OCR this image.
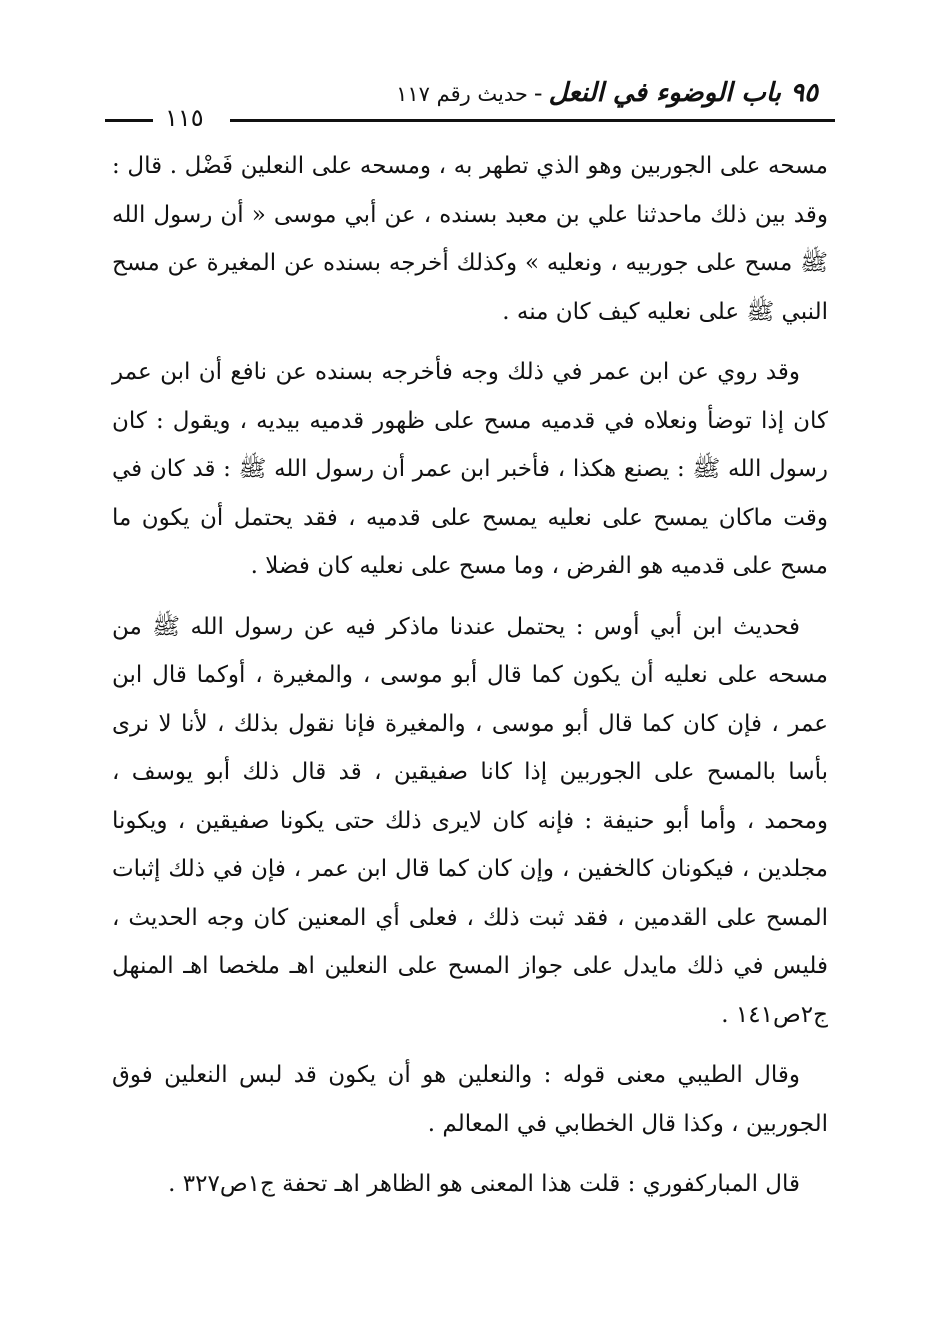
٩٥ باب الوضوء في النعل-حديث رقم ١١٧
١١٥

مسحه على الجوربين وهو الذي تطهر به ، ومسحه على النعلين فَضْل . قال : وقد بين ذلك ماحدثنا علي بن معبد بسنده ، عن أبي موسى « أن رسول الله ﷺ مسح على جوربيه ، ونعليه » وكذلك أخرجه بسنده عن المغيرة عن مسح النبي ﷺ على نعليه كيف كان منه .

وقد روي عن ابن عمر في ذلك وجه فأخرجه بسنده عن نافع أن ابن عمر كان إذا توضأ ونعلاه في قدميه مسح على ظهور قدميه بيديه ، ويقول : كان رسول الله ﷺ : يصنع هكذا ، فأخبر ابن عمر أن رسول الله ﷺ : قد كان في وقت ماكان يمسح على نعليه يمسح على قدميه ، فقد يحتمل أن يكون ما مسح على قدميه هو الفرض ، وما مسح على نعليه كان فضلا .

فحديث ابن أبي أوس : يحتمل عندنا ماذكر فيه عن رسول الله ﷺ من مسحه على نعليه أن يكون كما قال أبو موسى ، والمغيرة ، أوكما قال ابن عمر ، فإن كان كما قال أبو موسى ، والمغيرة فإنا نقول بذلك ، لأنا لا نرى بأسا بالمسح على الجوربين إذا كانا صفيقين ، قد قال ذلك أبو يوسف ، ومحمد ، وأما أبو حنيفة : فإنه كان لايرى ذلك حتى يكونا صفيقين ، ويكونا مجلدين ، فيكونان كالخفين ، وإن كان كما قال ابن عمر ، فإن في ذلك إثبات المسح على القدمين ، فقد ثبت ذلك ، فعلى أي المعنين كان وجه الحديث ، فليس في ذلك مايدل على جواز المسح على النعلين اهـ ملخصا اهـ المنهل ج٢ص١٤١ .

وقال الطيبي معنى قوله : والنعلين هو أن يكون قد لبس النعلين فوق الجوربين ، وكذا قال الخطابي في المعالم .

قال المباركفوري : قلت هذا المعنى هو الظاهر اهـ تحفة ج١ص٣٢٧ .
